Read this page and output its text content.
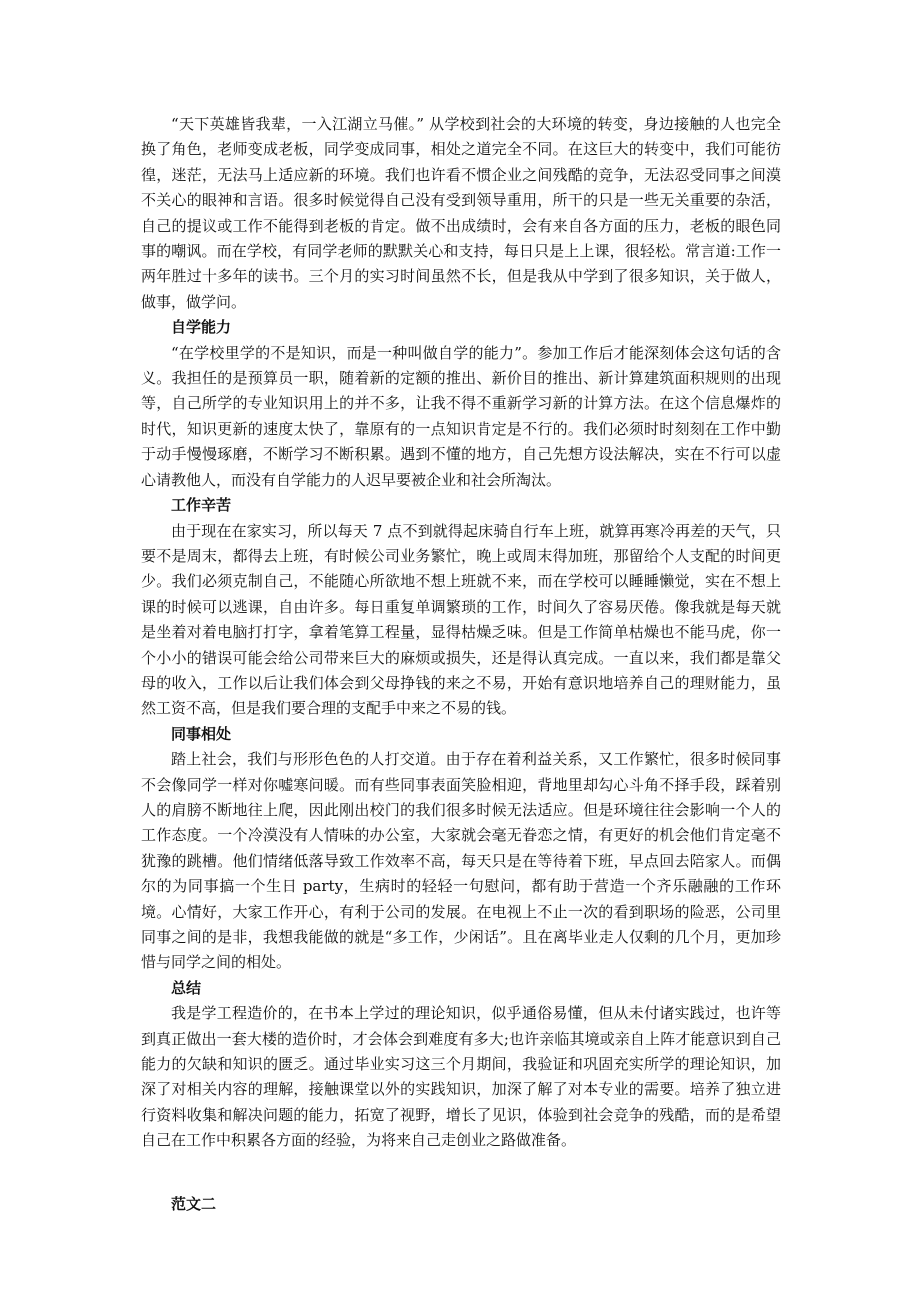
“天下英雄皆我辈，一入江湖立马催。” 从学校到社会的大环境的转变，身边接触的人也完全换了角色，老师变成老板，同学变成同事，相处之道完全不同。在这巨大的转变中，我们可能彷徨，迷茫，无法马上适应新的环境。我们也许看不惯企业之间残酷的竞争，无法忍受同事之间漠不关心的眼神和言语。很多时候觉得自己没有受到领导重用，所干的只是一些无关重要的杂活，自己的提议或工作不能得到老板的肯定。做不出成绩时，会有来自各方面的压力，老板的眼色同事的嘲讽。而在学校，有同学老师的默默关心和支持，每日只是上上课，很轻松。常言道:工作一两年胜过十多年的读书。三个月的实习时间虽然不长，但是我从中学到了很多知识，关于做人，做事，做学问。

自学能力

“在学校里学的不是知识，而是一种叫做自学的能力”。参加工作后才能深刻体会这句话的含义。我担任的是预算员一职，随着新的定额的推出、新价目的推出、新计算建筑面积规则的出现等，自己所学的专业知识用上的并不多，让我不得不重新学习新的计算方法。在这个信息爆炸的时代，知识更新的速度太快了，靠原有的一点知识肯定是不行的。我们必须时时刻刻在工作中勤于动手慢慢琢磨，不断学习不断积累。遇到不懂的地方，自己先想方设法解决，实在不行可以虚心请教他人，而没有自学能力的人迟早要被企业和社会所淘汰。

工作辛苦

由于现在在家实习，所以每天 7 点不到就得起床骑自行车上班，就算再寒冷再差的天气，只要不是周末，都得去上班，有时候公司业务繁忙，晚上或周末得加班，那留给个人支配的时间更少。我们必须克制自己，不能随心所欲地不想上班就不来，而在学校可以睡睡懒觉，实在不想上课的时候可以逃课，自由许多。每日重复单调繁琐的工作，时间久了容易厌倦。像我就是每天就是坐着对着电脑打打字，拿着笔算工程量，显得枯燥乏味。但是工作简单枯燥也不能马虎，你一个小小的错误可能会给公司带来巨大的麻烦或损失，还是得认真完成。一直以来，我们都是靠父母的收入，工作以后让我们体会到父母挣钱的来之不易，开始有意识地培养自己的理财能力，虽然工资不高，但是我们要合理的支配手中来之不易的钱。

同事相处

踏上社会，我们与形形色色的人打交道。由于存在着利益关系，又工作繁忙，很多时候同事不会像同学一样对你嘘寒问暖。而有些同事表面笑脸相迎，背地里却勾心斗角不择手段，踩着别人的肩膀不断地往上爬，因此刚出校门的我们很多时候无法适应。但是环境往往会影响一个人的工作态度。一个冷漠没有人情味的办公室，大家就会毫无眷恋之情，有更好的机会他们肯定毫不犹豫的跳槽。他们情绪低落导致工作效率不高，每天只是在等待着下班，早点回去陪家人。而偶尔的为同事搞一个生日 party，生病时的轻轻一句慰问，都有助于营造一个齐乐融融的工作环境。心情好，大家工作开心，有利于公司的发展。在电视上不止一次的看到职场的险恶，公司里同事之间的是非，我想我能做的就是“多工作，少闲话”。且在离毕业走人仅剩的几个月，更加珍惜与同学之间的相处。

总结

我是学工程造价的，在书本上学过的理论知识，似乎通俗易懂，但从未付诸实践过，也许等到真正做出一套大楼的造价时，才会体会到难度有多大;也许亲临其境或亲自上阵才能意识到自己能力的欠缺和知识的匮乏。通过毕业实习这三个月期间，我验证和巩固充实所学的理论知识，加深了对相关内容的理解，接触课堂以外的实践知识，加深了解了对本专业的需要。培养了独立进行资料收集和解决问题的能力，拓宽了视野，增长了见识，体验到社会竞争的残酷，而的是希望自己在工作中积累各方面的经验，为将来自己走创业之路做准备。

范文二
